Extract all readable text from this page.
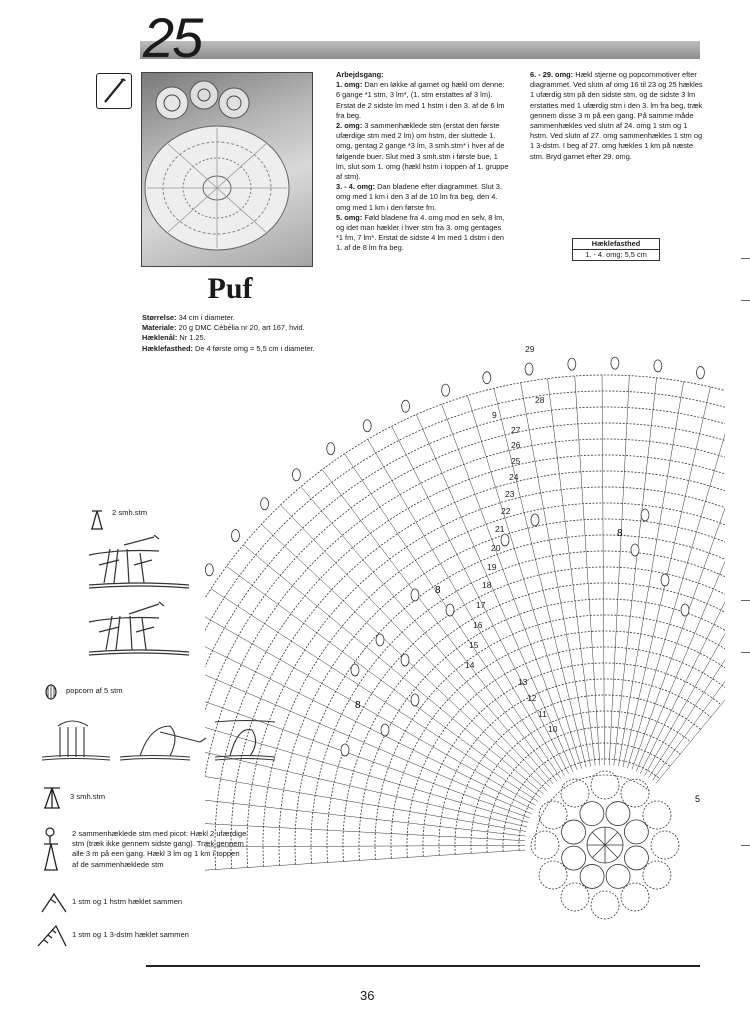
25
Puf
Størrelse: 34 cm i diameter.
Materiale: 20 g DMC Cébélia nr 20, art 167, hvid.
Hæklenål: Nr 1.25.
Hæklefasthed: De 4 første omg = 5,5 cm i diameter.
Arbejdsgang:
1. omg: Dan en løkke af garnet og hækl om denne: 6 gange *1 stm, 3 lm*, (1. stm erstattes af 3 lm). Erstat de 2 sidste lm med 1 hstm i den 3. af de 6 lm fra beg.
2. omg: 3 sammenhæklede stm (erstat den første ufærdige stm med 2 lm) om hstm, der sluttede 1. omg, gentag 2 gange *3 lm, 3 smh.stm* i hver af de følgende buer. Slut med 3 smh.stm i første bue, 1 lm, slut som 1. omg (hækl hstm i toppen af 1. gruppe af stm).
3. - 4. omg: Dan bladene efter diagrammet. Slut 3. omg med 1 km i den 3 af de 10 lm fra beg, den 4. omg med 1 km i den første fm.
5. omg: Føld bladene fra 4. omg mod en selv, 8 lm, og idet man hækler i hver stm fra 3. omg gentages *1 fm, 7 lm*. Erstat de sidste 4 lm med 1 dstm i den 1. af de 8 lm fra beg.
6. - 29. omg: Hækl stjerne og popcornmotiver efter diagrammet. Ved slutn af omg 16 til 23 og 25 hækles 1 ufærdig stm på den sidste stm, og de sidste 3 lm erstattes med 1 ufærdig stm i den 3. lm fra beg, træk gennem disse 3 m på een gang. På samme måde sammenhækles ved slutn af 24. omg 1 stm og 1 hstm. Ved slutn af 27. omg sammenhækles 1 stm og 1 3-dstm. I beg af 27. omg hækles 1 km på næste stm. Bryd garnet efter 29. omg.
Hæklefasthed
1. - 4. omg: 5,5 cm
2 smh.stm
popcorn af 5 stm
3 smh.stm
2 sammenhæklede stm med picot: Hækl 2 ufærdige stm (træk ikke gennem sidste gang). Træk gennem alle 3 m på een gang. Hækl 3 lm og 1 km i toppen af de sammenhæklede stm
1 stm og 1 hstm hæklet sammen
1 stm og 1 3-dstm hæklet sammen
29
28
9
27
26
25
24
23
22
21
20
19
18
17
16
15
14
13
12
11
10
8
8
8
5
36
